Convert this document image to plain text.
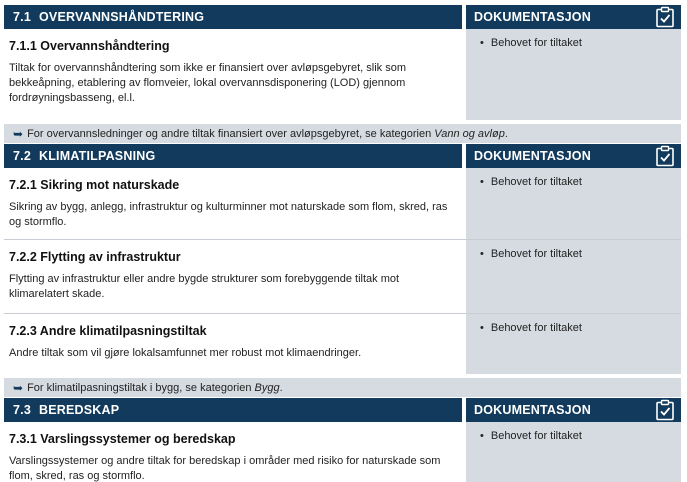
7.1 OVERVANNSHÅNDTERING	DOKUMENTASJON
7.1.1 Overvannshåndtering
Tiltak for overvannshåndtering som ikke er finansiert over avløpsgebyret, slik som bekkeåpning, etablering av flomveier, lokal overvannsdisponering (LOD) gjennom fordrøyningsbasseng, el.l.
• Behovet for tiltaket
➥ For overvannsledninger og andre tiltak finansiert over avløpsgebyret, se kategorien Vann og avløp.
7.2 KLIMATILPASNING	DOKUMENTASJON
7.2.1 Sikring mot naturskade
Sikring av bygg, anlegg, infrastruktur og kulturminner mot naturskade som flom, skred, ras og stormflo.
• Behovet for tiltaket
7.2.2 Flytting av infrastruktur
Flytting av infrastruktur eller andre bygde strukturer som forebyggende tiltak mot klimarelatert skade.
• Behovet for tiltaket
7.2.3 Andre klimatilpasningstiltak
Andre tiltak som vil gjøre lokalsamfunnet mer robust mot klimaendringer.
• Behovet for tiltaket
➥ For klimatilpasningstiltak i bygg, se kategorien Bygg.
7.3 BEREDSKAP	DOKUMENTASJON
7.3.1 Varslingssystemer og beredskap
Varslingssystemer og andre tiltak for beredskap i områder med risiko for naturskade som flom, skred, ras og stormflo.
• Behovet for tiltaket
